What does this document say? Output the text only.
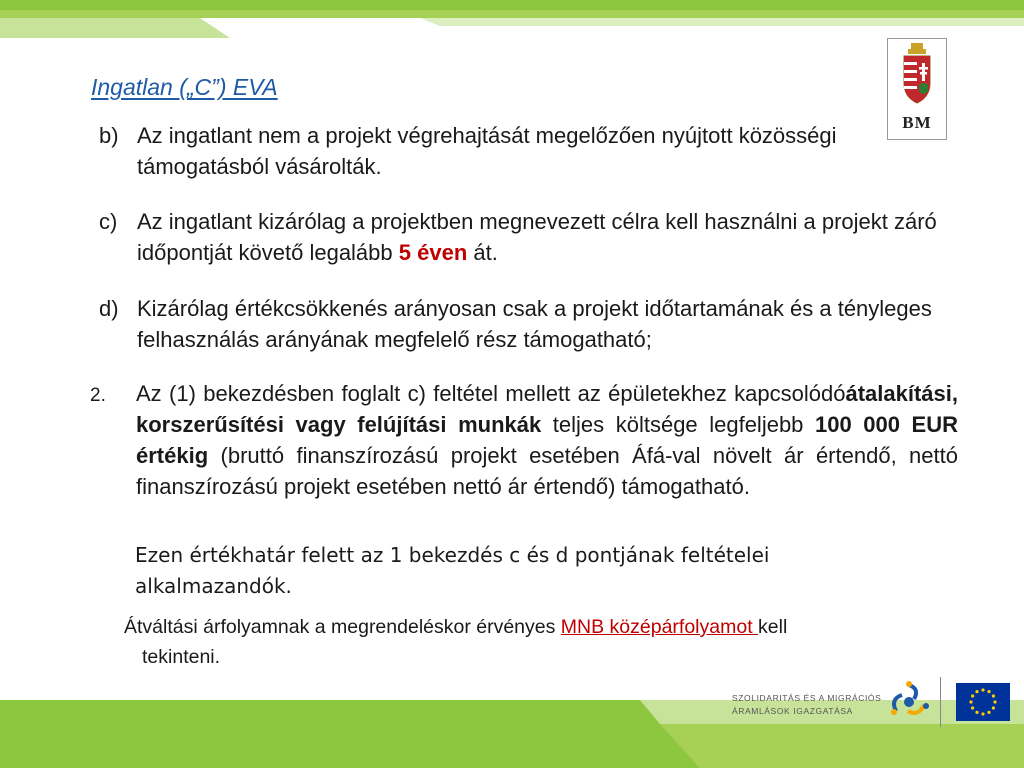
BM
Ingatlan („C”) EVA
b) Az ingatlant nem a projekt végrehajtását megelőzően nyújtott közösségi támogatásból vásárolták.
c) Az ingatlant kizárólag a projektben megnevezett célra kell használni a projekt záró időpontját követő legalább 5 éven át.
d) Kizárólag értékcsökkenés arányosan csak a projekt időtartamának és a tényleges felhasználás arányának megfelelő rész támogatható;
2.	Az (1) bekezdésben foglalt c) feltétel mellett az épületekhez kapcsolódóátalakítási, korszerűsítési vagy felújítási munkák teljes költsége legfeljebb 100 000 EUR értékig (bruttó finanszírozású projekt esetében Áfá-val növelt ár értendő, nettó finanszírozású projekt esetében nettó ár értendő) támogatható.

Ezen értékhatár felett az 1 bekezdés c és d pontjának feltételei alkalmazandók.

Átváltási árfolyamnak a megrendeléskor érvényes MNB középárfolyamot kell
tekinteni.
SZOLIDARITÁS ÉS A MIGRÁCIÓS
ÁRAMLÁSOK IGAZGATÁSA
